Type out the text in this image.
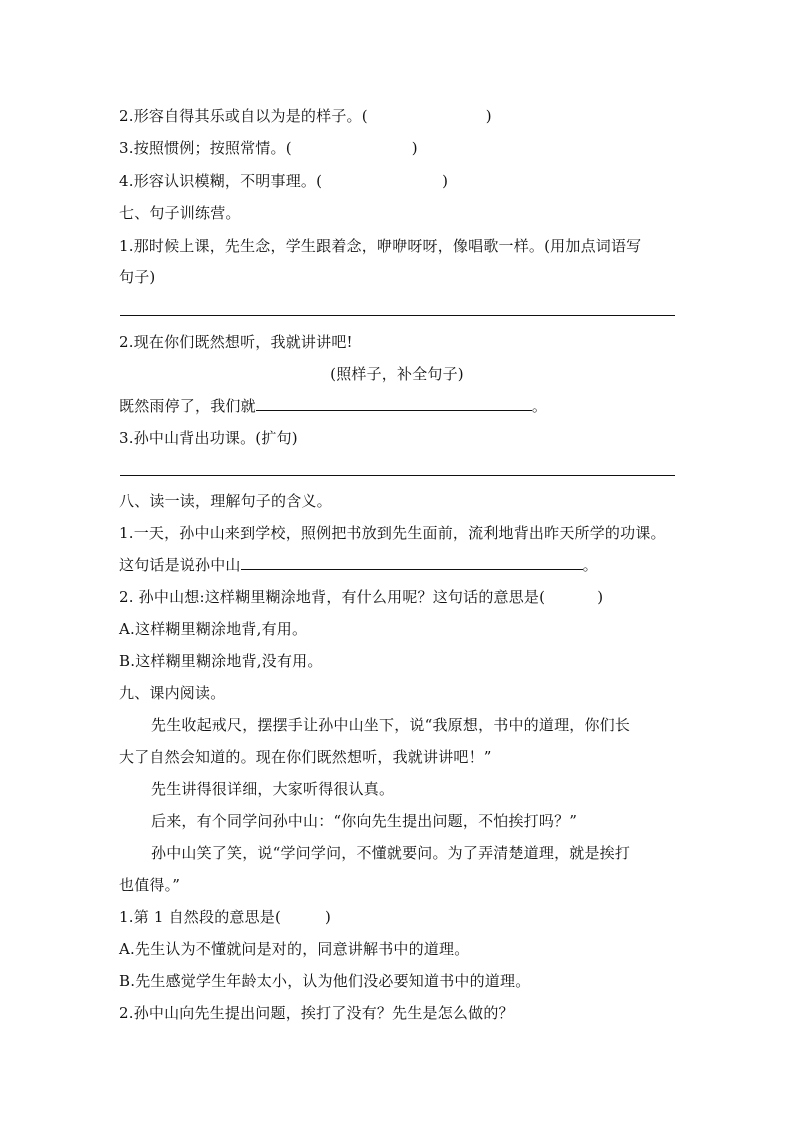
2.形容自得其乐或自以为是的样子。(	)
3.按照惯例；按照常情。(	)
4.形容认识模糊，不明事理。(	)
七、句子训练营。
1.那时候上课，先生念，学生跟着念，咿咿呀呀，像唱歌一样。(用加点词语写
句子)
2.现在你们既然想听，我就讲讲吧!
(照样子，补全句子)
既然雨停了，我们就	。
3.孙中山背出功课。(扩句)
八、读一读，理解句子的含义。
1.一天，孙中山来到学校，照例把书放到先生面前，流利地背出昨天所学的功课。
这句话是说孙中山	。
2. 孙中山想:这样糊里糊涂地背，有什么用呢？这句话的意思是(	)
A.这样糊里糊涂地背,有用。
B.这样糊里糊涂地背,没有用。
九、课内阅读。
先生收起戒尺，摆摆手让孙中山坐下，说“我原想，书中的道理，你们长
大了自然会知道的。现在你们既然想听，我就讲讲吧！”
先生讲得很详细，大家听得很认真。
后来，有个同学问孙中山：“你向先生提出问题，不怕挨打吗？”
孙中山笑了笑，说“学问学问，不懂就要问。为了弄清楚道理，就是挨打
也值得。”
1.第 1 自然段的意思是(	)
A.先生认为不懂就问是对的，同意讲解书中的道理。
B.先生感觉学生年龄太小，认为他们没必要知道书中的道理。
2.孙中山向先生提出问题，挨打了没有？先生是怎么做的？
